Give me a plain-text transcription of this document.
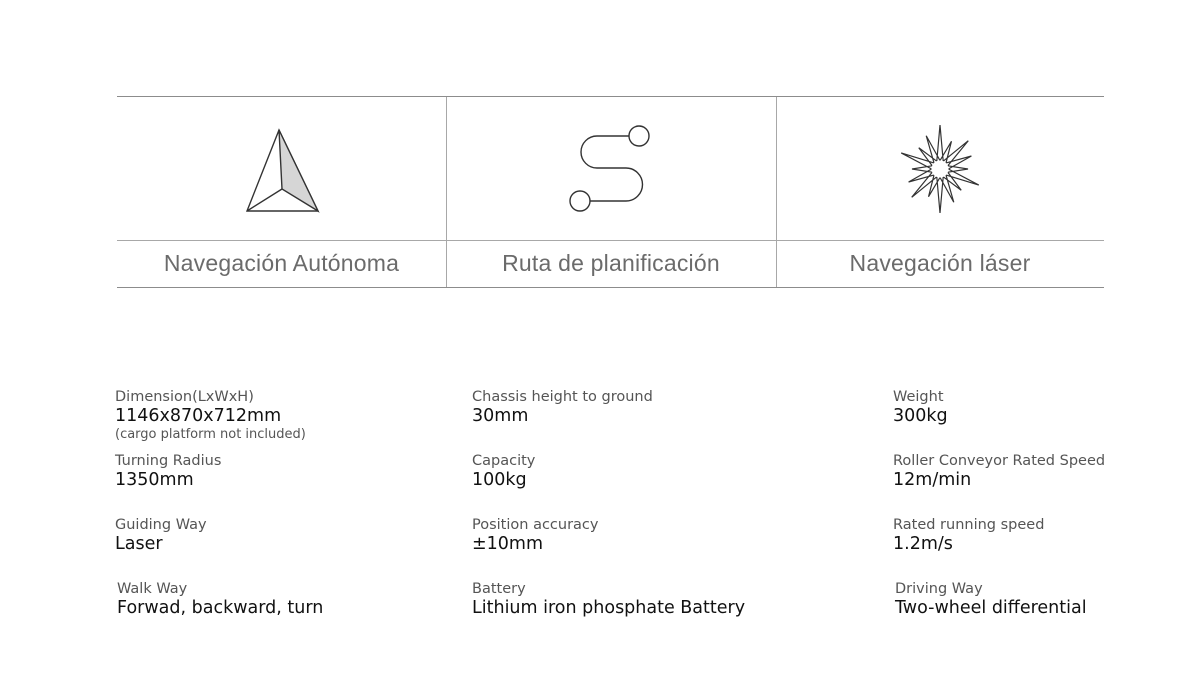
Navegación Autónoma	Ruta de planificación	Navegación láser
Dimension(LxWxH)
1146x870x712mm
(cargo platform not included)
Turning Radius
1350mm
Guiding Way
Laser
Walk Way
Forwad, backward, turn
Chassis height to ground
30mm
Capacity
100kg
Position accuracy
±10mm
Battery
Lithium iron phosphate Battery
Weight
300kg
Roller Conveyor Rated Speed
12m/min
Rated running speed
1.2m/s
Driving Way
Two-wheel differential
